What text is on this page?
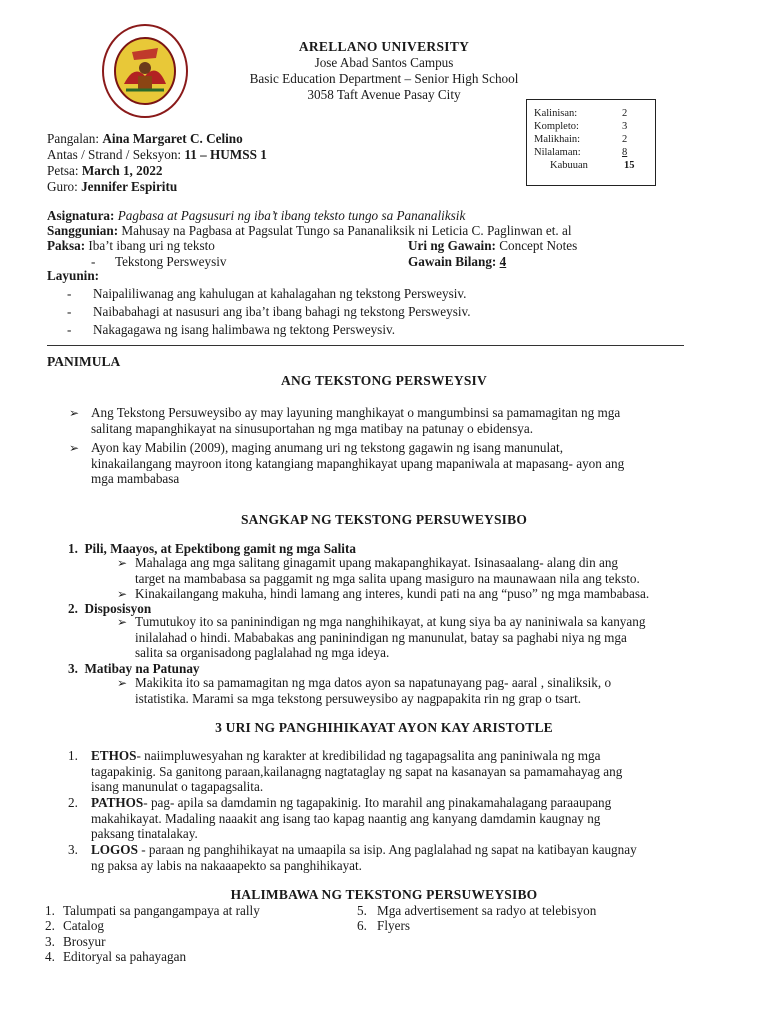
ARELLANO UNIVERSITY
Jose Abad Santos Campus
Basic Education Department – Senior High School
3058 Taft Avenue Pasay City
Kalinisan:	2
Kompleto:	3
Malikhain:	2
Nilalaman:	8
Kabuuan	15
Pangalan: Aina Margaret C. Celino
Antas / Strand / Seksyon: 11 – HUMSS 1
Petsa: March 1, 2022
Guro: Jennifer Espiritu
Asignatura: Pagbasa at Pagsusuri ng iba’t ibang teksto tungo sa Pananaliksik
Sanggunian: Mahusay na Pagbasa at Pagsulat Tungo sa Pananaliksik ni Leticia C. Paglinwan et. al
Paksa: Iba’t ibang uri ng teksto	Uri ng Gawain: Concept Notes
-      Tekstong Persweysiv	Gawain Bilang: 4
Layunin:
- Naipaliliwanag ang kahulugan at kahalagahan ng tekstong Persweysiv.
- Naibabahagi at nasusuri ang iba’t ibang bahagi ng tekstong Persweysiv.
- Nakagagawa ng isang halimbawa ng tektong Persweysiv.
PANIMULA
ANG TEKSTONG PERSWEYSIV
➢ Ang Tekstong Persuweysibo ay may layuning manghikayat o mangumbinsi sa pamamagitan ng mga
salitang mapanghikayat na sinusuportahan ng mga matibay na patunay o ebidensya.
➢ Ayon kay Mabilin (2009), maging anumang uri ng tekstong gagawin ng isang manunulat,
kinakailangang mayroon itong katangiang mapanghikayat upang mapaniwala at mapasang- ayon ang
mga mambabasa
SANGKAP NG TEKSTONG PERSUWEYSIBO
1. Pili, Maayos, at Epektibong gamit ng mga Salita
➢ Mahalaga ang mga salitang ginagamit upang makapanghikayat. Isinasaalang- alang din ang
target na mambabasa sa paggamit ng mga salita upang masiguro na maunawaan nila ang teksto.
➢ Kinakailangang makuha, hindi lamang ang interes, kundi pati na ang “puso” ng mga mambabasa.
2. Disposisyon
➢ Tumutukoy ito sa paninindigan ng mga nanghihikayat, at kung siya ba ay naniniwala sa kanyang
inilalahad o hindi. Mababakas ang paninindigan ng manunulat, batay sa paghabi niya ng mga
salita sa organisadong paglalahad ng mga ideya.
3. Matibay na Patunay
➢ Makikita ito sa pamamagitan ng mga datos ayon sa napatunayang pag- aaral , sinaliksik, o
istatistika. Marami sa mga tekstong persuweysibo ay nagpapakita rin ng grap o tsart.
3 URI NG PANGHIHIKAYAT AYON KAY ARISTOTLE
1. ETHOS- naiimpluwesyahan ng karakter at kredibilidad ng tagapagsalita ang paniniwala ng mga
tagapakinig. Sa ganitong paraan,kailanagng nagtataglay ng sapat na kasanayan sa pamamahayag ang
isang manunulat o tagapagsalita.
2. PATHOS- pag- apila sa damdamin ng tagapakinig. Ito marahil ang pinakamahalagang paraaupang
makahikayat. Madaling naaakit ang isang tao kapag naantig ang kanyang damdamin kaugnay ng
paksang tinatalakay.
3. LOGOS - paraan ng panghihikayat na umaapila sa isip. Ang paglalahad ng sapat na katibayan kaugnay
ng paksa ay labis na nakaaapekto sa panghihikayat.
HALIMBAWA NG TEKSTONG PERSUWEYSIBO
1. Talumpati sa pangangampaya at rally
2. Catalog
3. Brosyur
4. Editoryal sa pahayagan
5. Mga advertisement sa radyo at telebisyon
6. Flyers
